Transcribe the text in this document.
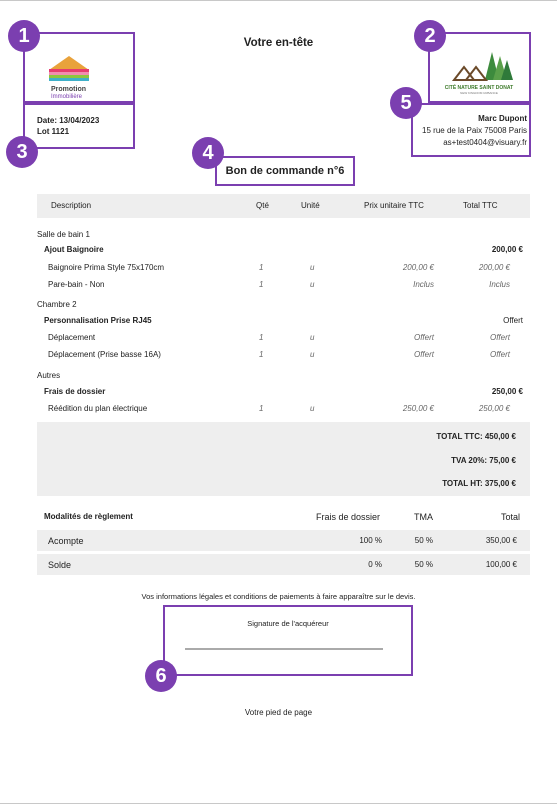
Votre en-tête
Promotion
Immobilière
Date: 13/04/2023
Lot 1121
CITÉ NATURE SAINT DONAT
NEW KINGDOM URBANCE
Marc Dupont
15 rue de la Paix 75008 Paris
as+test0404@visuary.fr
Bon de commande n°6
Description	Qté	Unité	Prix unitaire TTC	Total TTC
Salle de bain 1
Ajout Baignoire	200,00 €
Baignoire Prima Style 75x170cm	1	u	200,00 €	200,00 €
Pare-bain - Non	1	u	Inclus	Inclus
Chambre 2
Personnalisation Prise RJ45	Offert
Déplacement	1	u	Offert	Offert
Déplacement (Prise basse 16A)	1	u	Offert	Offert
Autres
Frais de dossier	250,00 €
Réédition du plan électrique	1	u	250,00 €	250,00 €
TOTAL TTC: 450,00 €
TVA 20%: 75,00 €
TOTAL HT: 375,00 €
Modalités de règlement	Frais de dossier	TMA	Total
Acompte	100 %	50 %	350,00 €
Solde	0 %	50 %	100,00 €
Vos informations légales et conditions de paiements à faire apparaître sur le devis.
Signature de l'acquéreur
Votre pied de page
1	2
3	4
5
6
